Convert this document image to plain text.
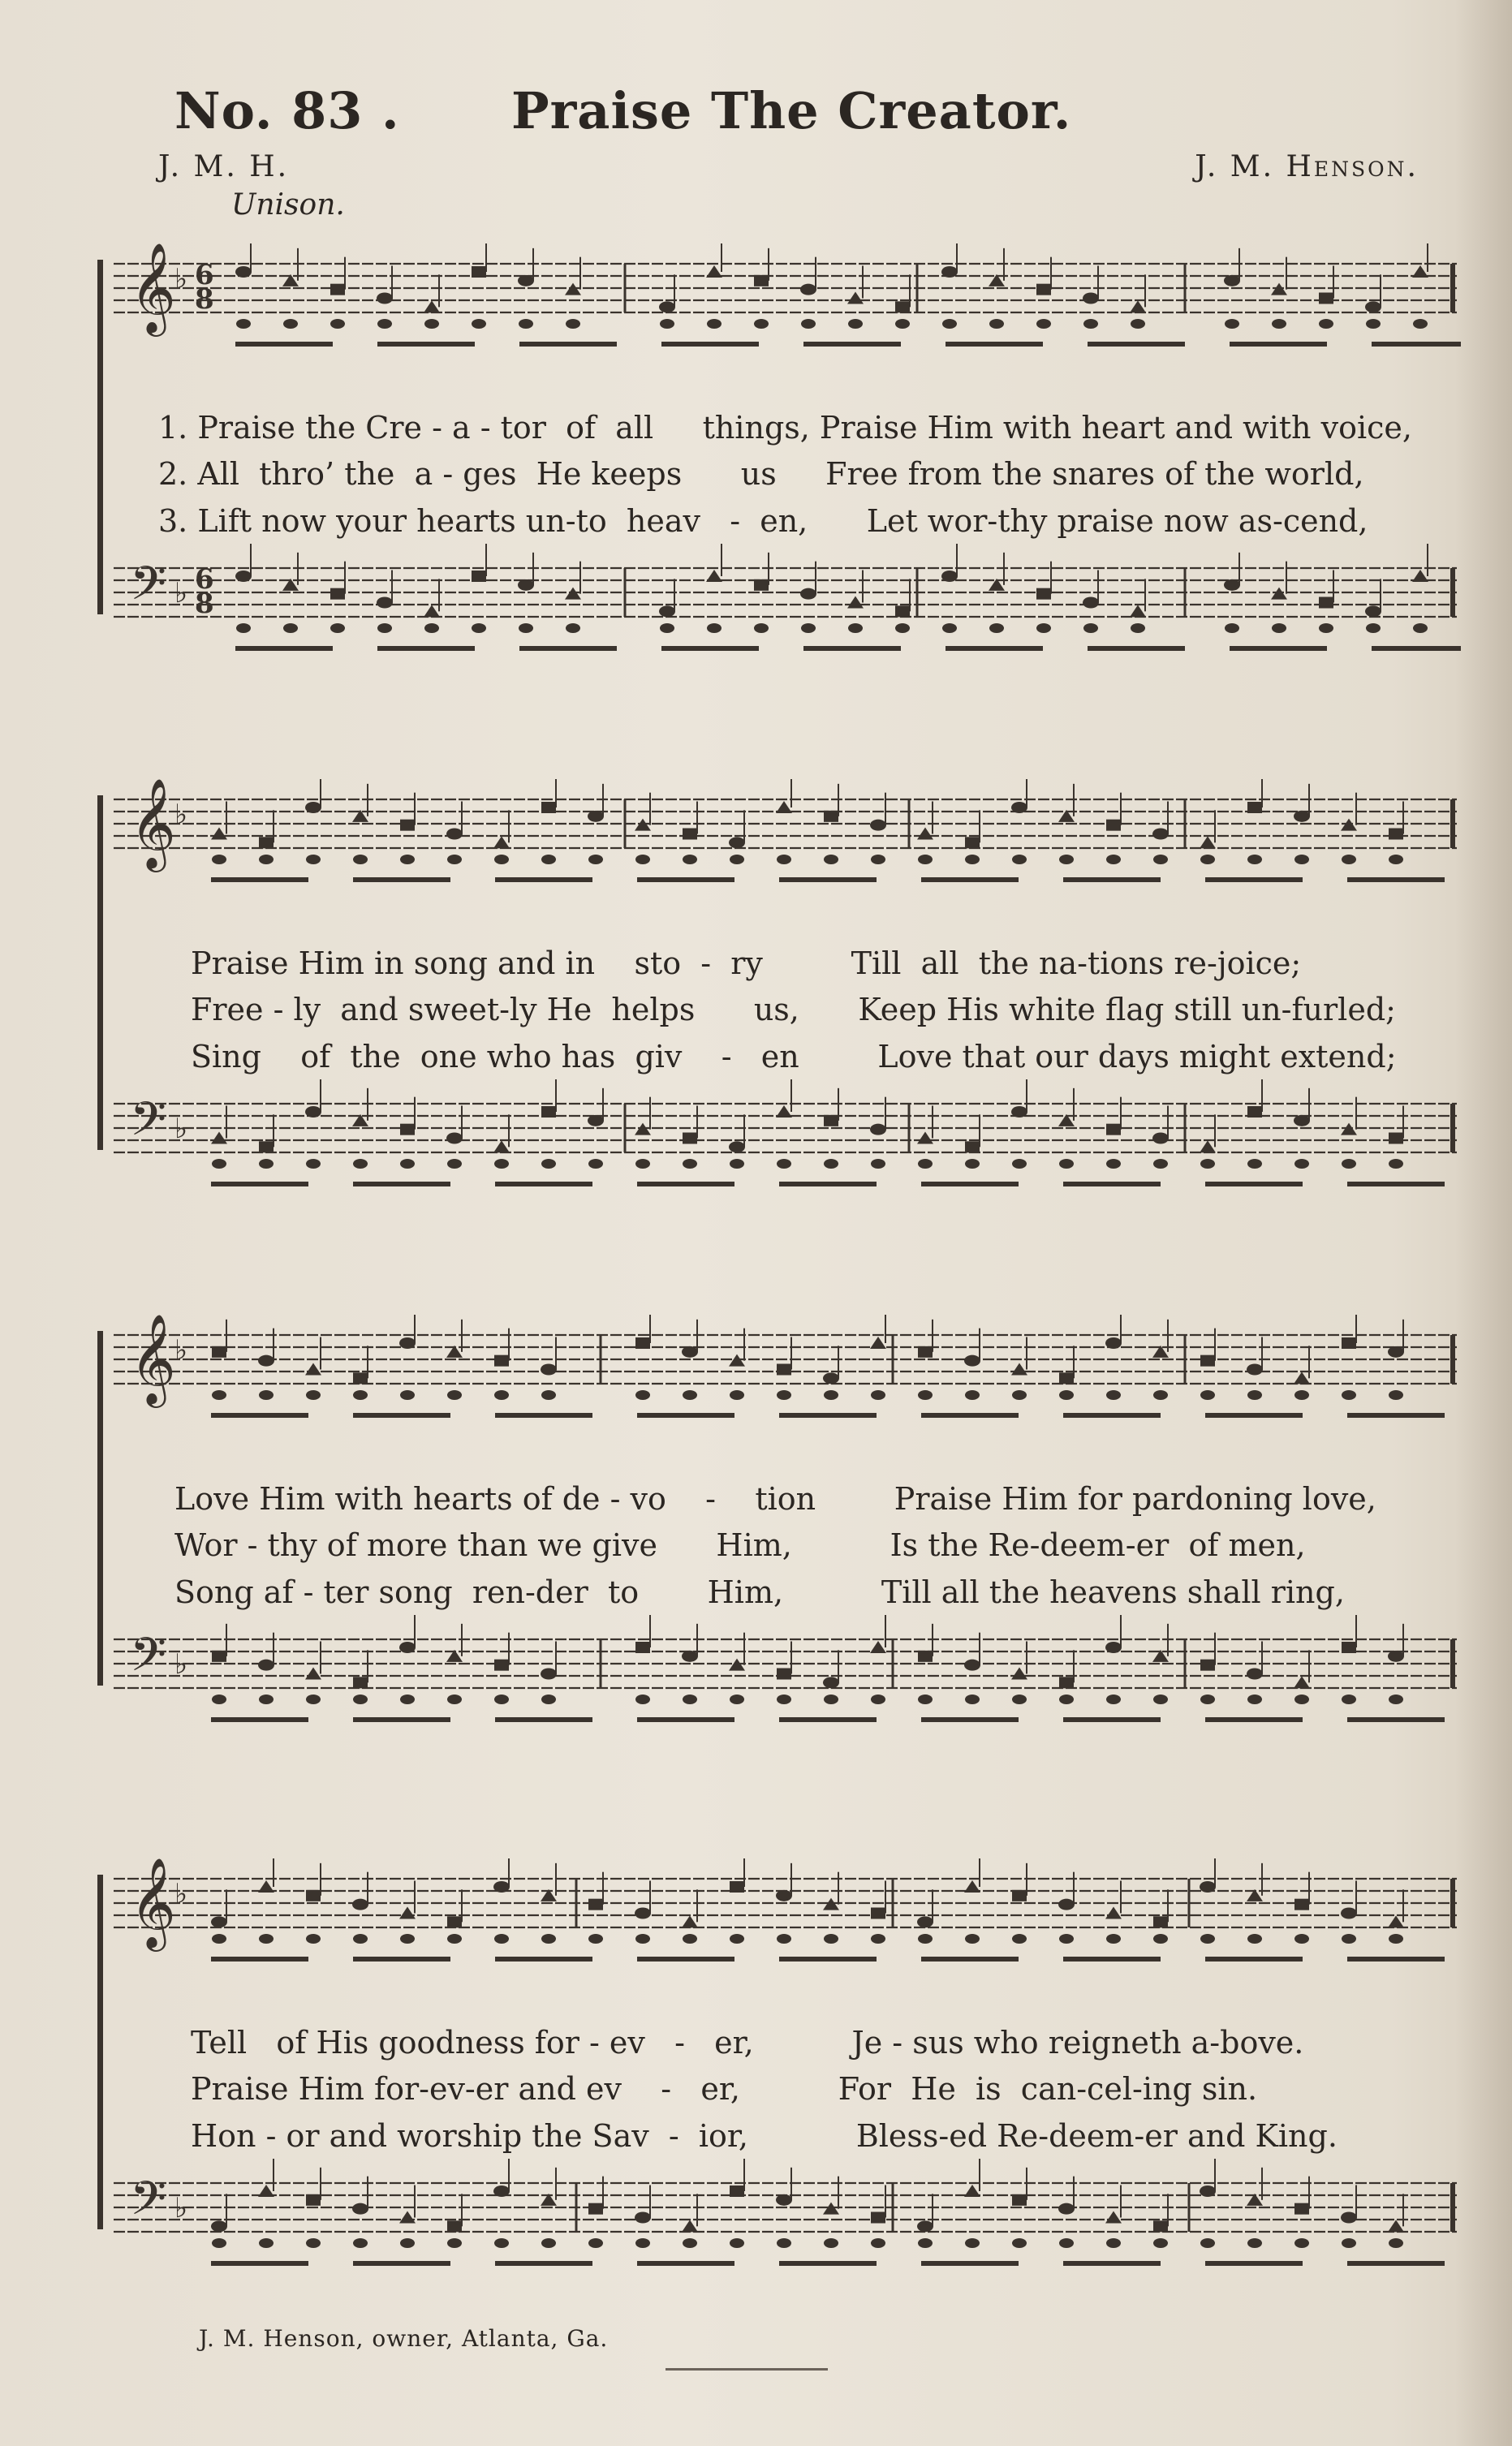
No. 83 . Praise The Creator.
J. M. H.	J. M. Henson.
Unison.
𝄞
♭ 6
8
𝄢 ♭ 6
8
1. Praise the Cre - a - tor  of  all     things, Praise Him with heart and with voice,
2. All  thro’ the  a - ges  He keeps      us     Free from the snares of the world,
3. Lift now your hearts un-to  heav   -  en,      Let wor-thy praise now as-cend,
𝄞
♭
𝄢 ♭
Praise Him in song and in    sto  -  ry         Till  all  the na-tions re-joice;
Free - ly  and sweet-ly He  helps      us,      Keep His white flag still un-furled;
Sing    of  the  one who has  giv    -   en        Love that our days might extend;
𝄞
♭
𝄢 ♭
Love Him with hearts of de - vo    -    tion        Praise Him for pardoning love,
Wor - thy of more than we give      Him,          Is the Re-deem-er  of men,
Song af - ter song  ren-der  to       Him,          Till all the heavens shall ring,
𝄞
♭
𝄢 ♭
Tell   of His goodness for - ev   -   er,          Je - sus who reigneth a-bove.
Praise Him for-ev-er and ev    -   er,          For  He  is  can-cel-ing sin.
Hon - or and worship the Sav  -  ior,           Bless-ed Re-deem-er and King.
J. M. Henson, owner, Atlanta, Ga.
